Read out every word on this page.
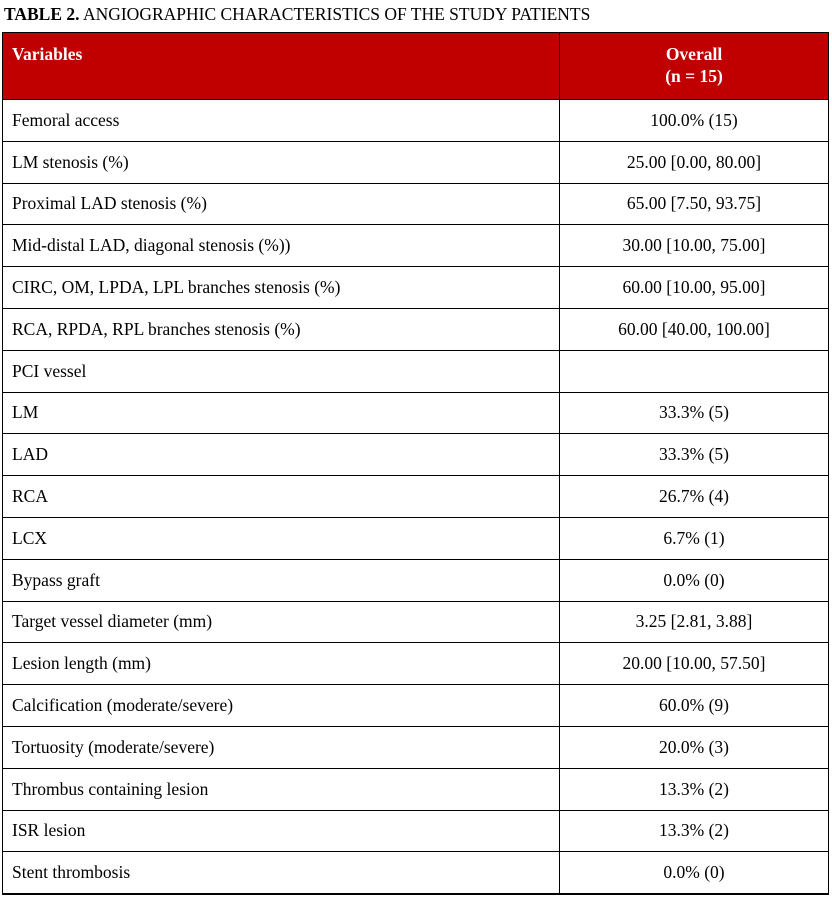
TABLE 2. ANGIOGRAPHIC CHARACTERISTICS OF THE STUDY PATIENTS
Variables	Overall
(n = 15)

Femoral access	100.0% (15)
LM stenosis (%)	25.00 [0.00, 80.00]
Proximal LAD stenosis (%)	65.00 [7.50, 93.75]
Mid-distal LAD, diagonal stenosis (%))	30.00 [10.00, 75.00]
CIRC, OM, LPDA, LPL branches stenosis (%)	60.00 [10.00, 95.00]
RCA, RPDA, RPL branches stenosis (%)	60.00 [40.00, 100.00]
PCI vessel	
LM	33.3% (5)
LAD	33.3% (5)
RCA	26.7% (4)
LCX	6.7% (1)
Bypass graft	0.0% (0)
Target vessel diameter (mm)	3.25 [2.81, 3.88]
Lesion length (mm)	20.00 [10.00, 57.50]
Calcification (moderate/severe)	60.0% (9)
Tortuosity (moderate/severe)	20.0% (3)
Thrombus containing lesion	13.3% (2)
ISR lesion	13.3% (2)
Stent thrombosis	0.0% (0)
